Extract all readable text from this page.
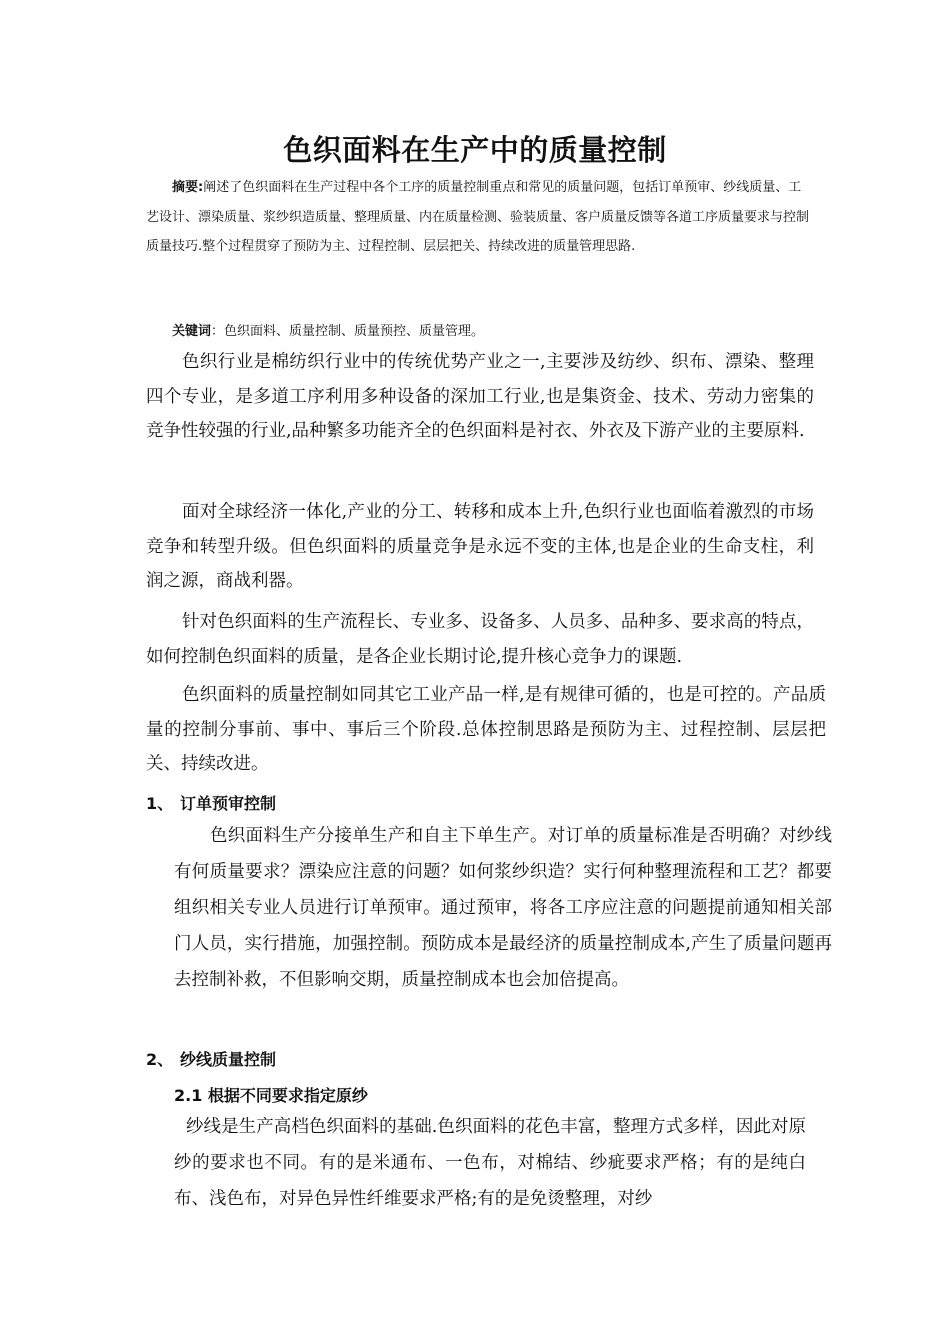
色织面料在生产中的质量控制
摘要:阐述了色织面料在生产过程中各个工序的质量控制重点和常见的质量问题，包括订单预审、纱线质量、工艺设计、漂染质量、浆纱织造质量、整理质量、内在质量检测、验装质量、客户质量反馈等各道工序质量要求与控制质量技巧.整个过程贯穿了预防为主、过程控制、层层把关、持续改进的质量管理思路.
关键词：色织面料、质量控制、质量预控、质量管理。

色织行业是棉纺织行业中的传统优势产业之一,主要涉及纺纱、织布、漂染、整理四个专业，是多道工序利用多种设备的深加工行业,也是集资金、技术、劳动力密集的竞争性较强的行业,品种繁多功能齐全的色织面料是衬衣、外衣及下游产业的主要原料.

面对全球经济一体化,产业的分工、转移和成本上升,色织行业也面临着激烈的市场竞争和转型升级。但色织面料的质量竞争是永远不变的主体,也是企业的生命支柱，利润之源，商战利器。

针对色织面料的生产流程长、专业多、设备多、人员多、品种多、要求高的特点，如何控制色织面料的质量，是各企业长期讨论,提升核心竞争力的课题.

色织面料的质量控制如同其它工业产品一样,是有规律可循的，也是可控的。产品质量的控制分事前、事中、事后三个阶段.总体控制思路是预防为主、过程控制、层层把关、持续改进。

1、 订单预审控制

色织面料生产分接单生产和自主下单生产。对订单的质量标准是否明确？对纱线有何质量要求？漂染应注意的问题？如何浆纱织造？实行何种整理流程和工艺？都要组织相关专业人员进行订单预审。通过预审，将各工序应注意的问题提前通知相关部门人员，实行措施，加强控制。预防成本是最经济的质量控制成本,产生了质量问题再去控制补救，不但影响交期，质量控制成本也会加倍提高。

2、 纱线质量控制
2.1 根据不同要求指定原纱

纱线是生产高档色织面料的基础.色织面料的花色丰富，整理方式多样，因此对原纱的要求也不同。有的是米通布、一色布，对棉结、纱疵要求严格；有的是纯白布、浅色布，对异色异性纤维要求严格;有的是免烫整理，对纱
